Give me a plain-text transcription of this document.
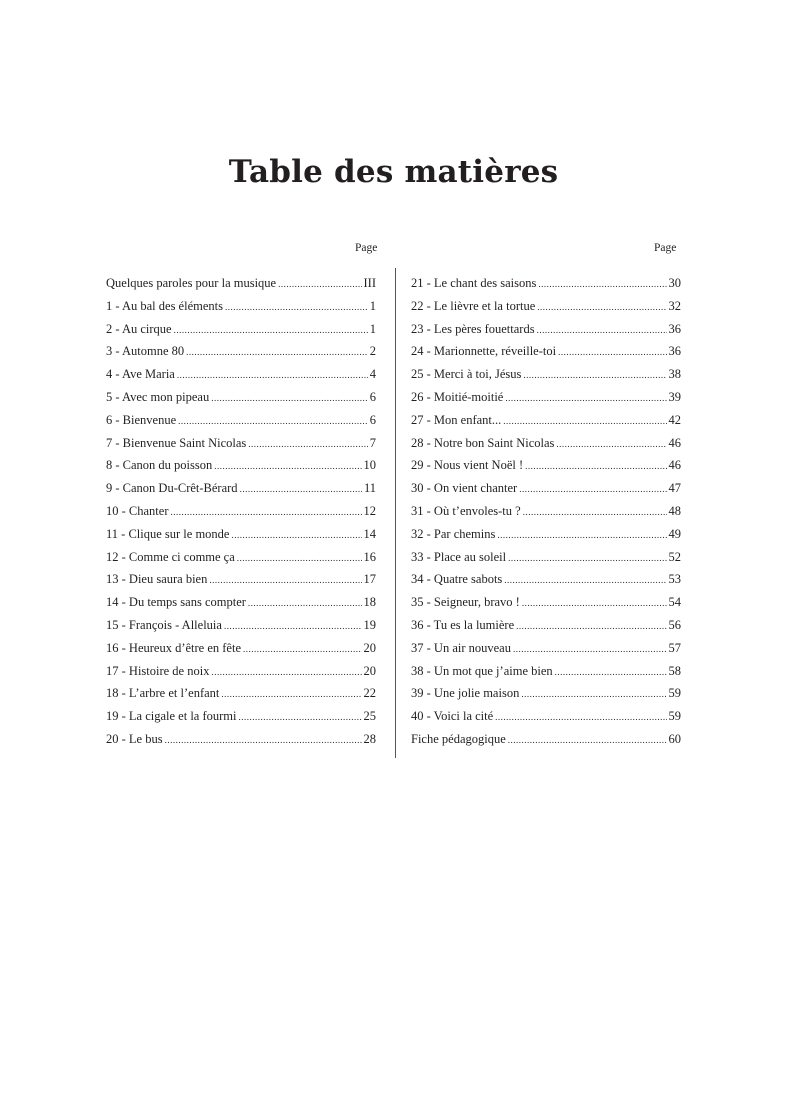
Table des matières
Page	Page
Quelques paroles pour la musique .....	III
1 - Au bal des éléments .....	1
2 - Au cirque .....	1
3 - Automne 80 .....	2
4 - Ave Maria .....	4
5 - Avec mon pipeau .....	6
6 - Bienvenue .....	6
7 - Bienvenue Saint Nicolas .....	7
8 - Canon du poisson .....	10
9 - Canon Du-Crêt-Bérard .....	11
10 - Chanter .....	12
11 - Clique sur le monde .....	14
12 - Comme ci comme ça .....	16
13 - Dieu saura bien .....	17
14 - Du temps sans compter .....	18
15 - François - Alleluia .....	19
16 - Heureux d’être en fête .....	20
17 - Histoire de noix .....	20
18 - L’arbre et l’enfant .....	22
19 - La cigale et la fourmi .....	25
20 - Le bus .....	28
21 - Le chant des saisons .....	30
22 - Le lièvre et la tortue .....	32
23 - Les pères fouettards .....	36
24 - Marionnette, réveille-toi .....	36
25 - Merci à toi, Jésus .....	38
26 - Moitié-moitié .....	39
27 - Mon enfant... .....	42
28 - Notre bon Saint Nicolas .....	46
29 - Nous vient Noël ! .....	46
30 - On vient chanter .....	47
31 - Où t’envoles-tu ? .....	48
32 - Par chemins .....	49
33 - Place au soleil .....	52
34 - Quatre sabots .....	53
35 - Seigneur, bravo ! .....	54
36 - Tu es la lumière .....	56
37 - Un air nouveau .....	57
38 - Un mot que j’aime bien .....	58
39 - Une jolie maison .....	59
40 - Voici la cité .....	59
Fiche pédagogique .....	60
